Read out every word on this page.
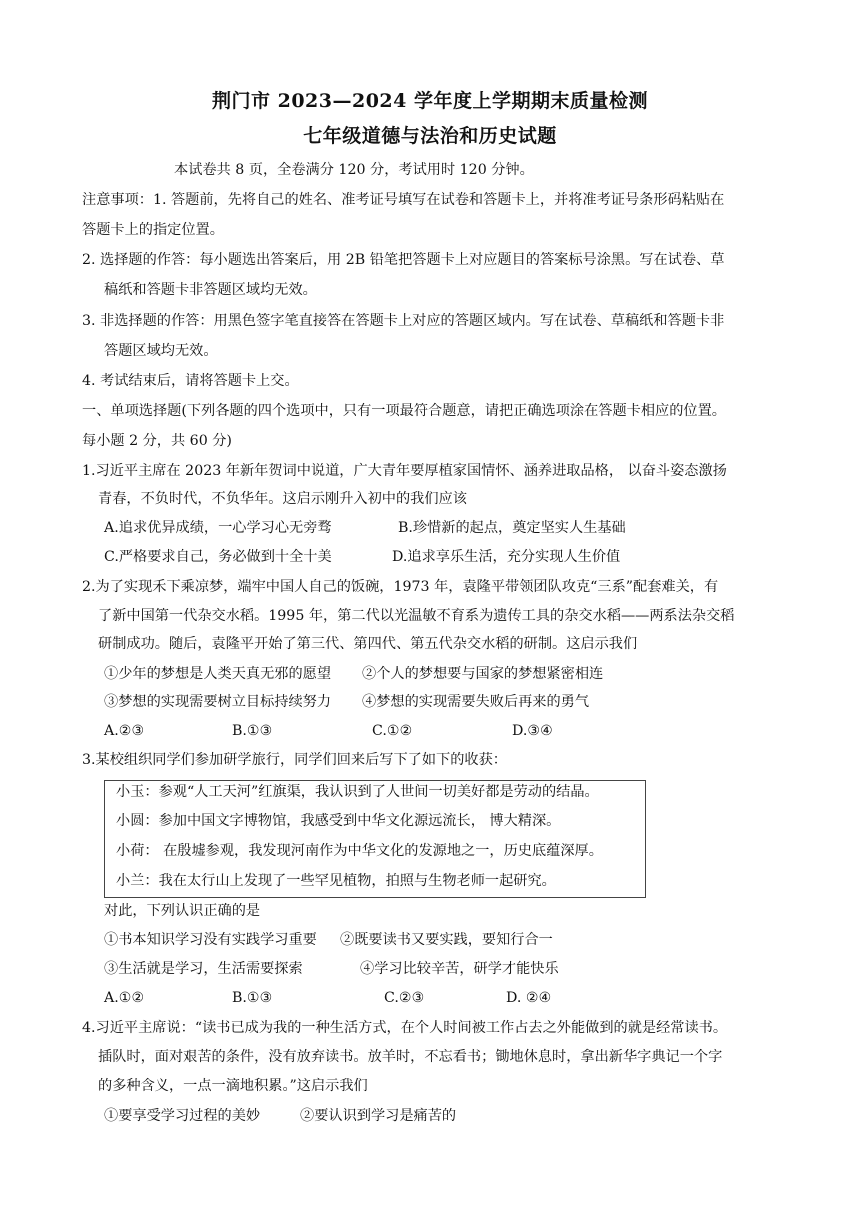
荆门市 2023—2024 学年度上学期期末质量检测
七年级道德与法治和历史试题
本试卷共 8 页，全卷满分 120 分，考试用时 120 分钟。
注意事项：1. 答题前，先将自己的姓名、准考证号填写在试卷和答题卡上，并将准考证号条形码粘贴在
答题卡上的指定位置。
2. 选择题的作答：每小题选出答案后，用 2B 铅笔把答题卡上对应题目的答案标号涂黑。写在试卷、草
稿纸和答题卡非答题区域均无效。
3. 非选择题的作答：用黑色签字笔直接答在答题卡上对应的答题区域内。写在试卷、草稿纸和答题卡非
答题区域均无效。
4. 考试结束后，请将答题卡上交。
一、单项选择题(下列各题的四个选项中，只有一项最符合题意，请把正确选项涂在答题卡相应的位置。
每小题 2 分，共 60 分)
1.习近平主席在 2023 年新年贺词中说道，广大青年要厚植家国情怀、涵养进取品格， 以奋斗姿态激扬
青春，不负时代，不负华年。这启示刚升入初中的我们应该
A.追求优异成绩，一心学习心无旁骛	B.珍惜新的起点，奠定坚实人生基础
C.严格要求自己，务必做到十全十美	D.追求享乐生活，充分实现人生价值
2.为了实现禾下乘凉梦，端牢中国人自己的饭碗，1973 年，袁隆平带领团队攻克“三系”配套难关，有
了新中国第一代杂交水稻。1995 年，第二代以光温敏不育系为遗传工具的杂交水稻——两系法杂交稻
研制成功。随后，袁隆平开始了第三代、第四代、第五代杂交水稻的研制。这启示我们
①少年的梦想是人类天真无邪的愿望 ②个人的梦想要与国家的梦想紧密相连
③梦想的实现需要树立目标持续努力 ④梦想的实现需要失败后再来的勇气
A.②③	B.①③	C.①②	D.③④
3.某校组织同学们参加研学旅行，同学们回来后写下了如下的收获：
小玉：参观“人工天河”红旗渠，我认识到了人世间一切美好都是劳动的结晶。
小圆：参加中国文字博物馆，我感受到中华文化源远流长， 博大精深。
小荷： 在殷墟参观，我发现河南作为中华文化的发源地之一，历史底蕴深厚。
小兰：我在太行山上发现了一些罕见植物，拍照与生物老师一起研究。
对此，下列认识正确的是
①书本知识学习没有实践学习重要 ②既要读书又要实践，要知行合一
③生活就是学习，生活需要探索	④学习比较辛苦，研学才能快乐
A.①②	B.①③	C.②③	D. ②④
4.习近平主席说：“读书已成为我的一种生活方式，在个人时间被工作占去之外能做到的就是经常读书。
插队时，面对艰苦的条件，没有放弃读书。放羊时，不忘看书；锄地休息时，拿出新华字典记一个字
的多种含义，一点一滴地积累。”这启示我们
①要享受学习过程的美妙	②要认识到学习是痛苦的
